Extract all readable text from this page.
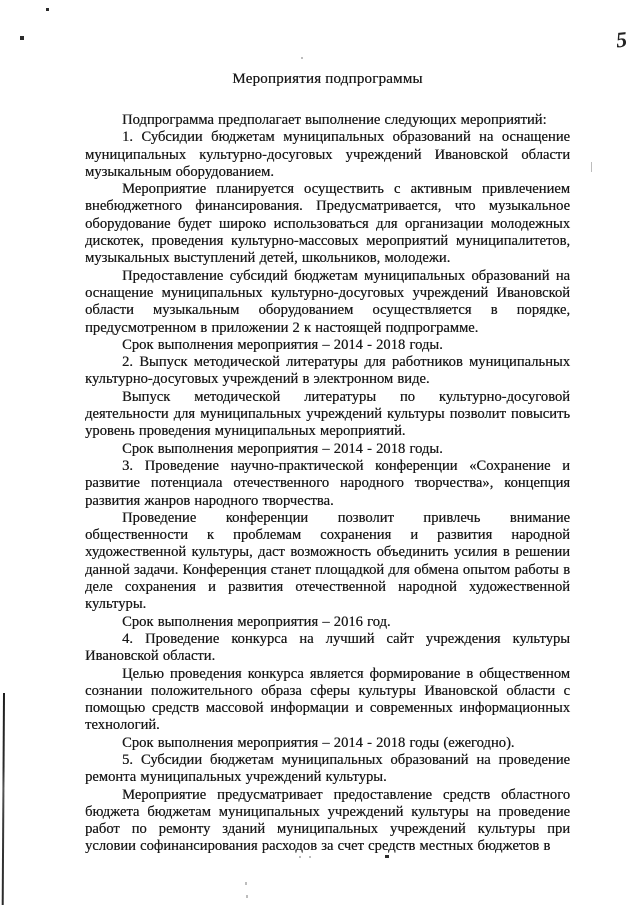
5
Мероприятия подпрограммы

Подпрограмма предполагает выполнение следующих мероприятий:

1. Субсидии бюджетам муниципальных образований на оснащение муниципальных культурно-досуговых учреждений Ивановской области музыкальным оборудованием.

Мероприятие планируется осуществить с активным привлечением внебюджетного финансирования. Предусматривается, что музыкальное оборудование будет широко использоваться для организации молодежных дискотек, проведения культурно-массовых мероприятий муниципалитетов, музыкальных выступлений детей, школьников, молодежи.

Предоставление субсидий бюджетам муниципальных образований на оснащение муниципальных культурно-досуговых учреждений Ивановской области музыкальным оборудованием осуществляется в порядке, предусмотренном в приложении 2 к настоящей подпрограмме.

Срок выполнения мероприятия – 2014 - 2018 годы.

2. Выпуск методической литературы для работников муниципальных культурно-досуговых учреждений в электронном виде.

Выпуск методической литературы по культурно-досуговой деятельности для муниципальных учреждений культуры позволит повысить уровень проведения муниципальных мероприятий.

Срок выполнения мероприятия – 2014 - 2018 годы.

3. Проведение научно-практической конференции «Сохранение и развитие потенциала отечественного народного творчества», концепция развития жанров народного творчества.

Проведение конференции позволит привлечь внимание общественности к проблемам сохранения и развития народной художественной культуры, даст возможность объединить усилия в решении данной задачи. Конференция станет площадкой для обмена опытом работы в деле сохранения и развития отечественной народной художественной культуры.

Срок выполнения мероприятия – 2016 год.

4. Проведение конкурса на лучший сайт учреждения культуры Ивановской области.

Целью проведения конкурса является формирование в общественном сознании положительного образа сферы культуры Ивановской области с помощью средств массовой информации и современных информационных технологий.

Срок выполнения мероприятия – 2014 - 2018 годы (ежегодно).

5. Субсидии бюджетам муниципальных образований на проведение ремонта муниципальных учреждений культуры.

Мероприятие предусматривает предоставление средств областного бюджета бюджетам муниципальных учреждений культуры на проведение работ по ремонту зданий муниципальных учреждений культуры при условии софинансирования расходов за счет средств местных бюджетов в
